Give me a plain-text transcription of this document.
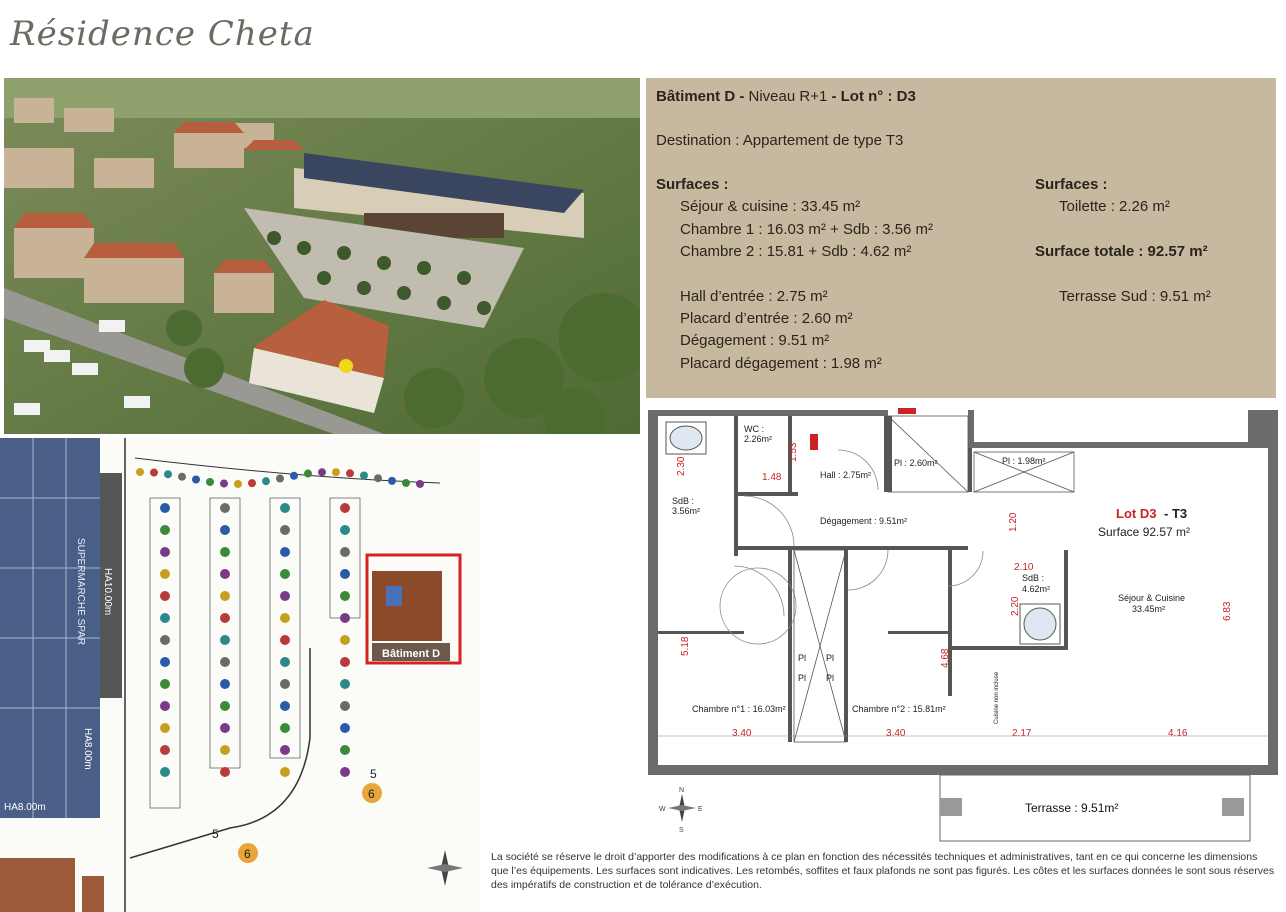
Résidence Cheta
Bâtiment D - Niveau R+1 - Lot n° : D3
Destination : Appartement de type T3
Surfaces :
Séjour & cuisine : 33.45 m²
Chambre 1 : 16.03 m² + Sdb : 3.56 m²
Chambre 2 : 15.81 + Sdb : 4.62 m²
Hall d’entrée : 2.75 m²
Placard d’entrée : 2.60 m²
Dégagement : 9.51 m²
Placard dégagement : 1.98 m²
Surfaces :
Toilette : 2.26 m²
Surface totale : 92.57 m²
Terrasse Sud : 9.51 m²
SUPERMARCHE SPAR HA10.00m
HA8.00m
HA8.00m
Bâtiment D
6
6
5
5
WC :
2.26m²
Hall : 2.75m²
Pl : 2.60m²	Pl : 1.98m²
SdB :
3.56m²
Dégagement : 9.51m²
SdB :
4.62m²
Séjour & Cuisine
33.45m²
Chambre n°1 : 16.03m²	Chambre n°2 : 15.81m²
Pl Pl
Pl Pl	Cuisine non incluse
Terrasse : 9.51m²
Lot D3 - T3
Surface 92.57 m²
2.30
1.48
1.53
1.20
2.10
2.20
5.18
4.68
6.83
3.40	3.40	2.17	4.16
N
S
E
W
La société se réserve le droit d’apporter des modifications à ce plan en fonction des nécessités techniques et administratives, tant en ce qui concerne les dimensions que l’es équipements. Les surfaces sont indicatives. Les retombés, soffites et faux plafonds ne sont pas figurés. Les côtes et les surfaces données le sont sous réserves des impératifs de construction et de tolérance d’exécution.
